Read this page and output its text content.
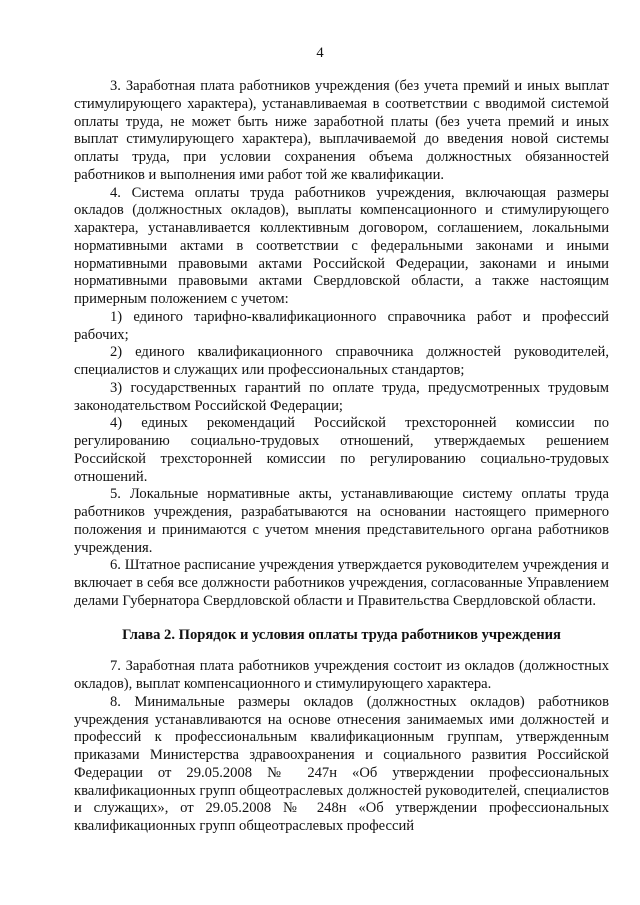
4

3. Заработная плата работников учреждения (без учета премий и иных выплат стимулирующего характера), устанавливаемая в соответствии с вводимой системой оплаты труда, не может быть ниже заработной платы (без учета премий и иных выплат стимулирующего характера), выплачиваемой до введения новой системы оплаты труда, при условии сохранения объема должностных обязанностей работников и выполнения ими работ той же квалификации.

4. Система оплаты труда работников учреждения, включающая размеры окладов (должностных окладов), выплаты компенсационного и стимулирующего характера, устанавливается коллективным договором, соглашением, локальными нормативными актами в соответствии с федеральными законами и иными нормативными правовыми актами Российской Федерации, законами и иными нормативными правовыми актами Свердловской области, а также настоящим примерным положением с учетом:

1) единого тарифно-квалификационного справочника работ и профессий рабочих;

2) единого квалификационного справочника должностей руководителей, специалистов и служащих или профессиональных стандартов;

3) государственных гарантий по оплате труда, предусмотренных трудовым законодательством Российской Федерации;

4) единых рекомендаций Российской трехсторонней комиссии по регулированию социально-трудовых отношений, утверждаемых решением Российской трехсторонней комиссии по регулированию социально-трудовых отношений.

5. Локальные нормативные акты, устанавливающие систему оплаты труда работников учреждения, разрабатываются на основании настоящего примерного положения и принимаются с учетом мнения представительного органа работников учреждения.

6. Штатное расписание учреждения утверждается руководителем учреждения и включает в себя все должности работников учреждения, согласованные Управлением делами Губернатора Свердловской области и Правительства Свердловской области.

Глава 2. Порядок и условия оплаты труда работников учреждения

7. Заработная плата работников учреждения состоит из окладов (должностных окладов), выплат компенсационного и стимулирующего характера.

8. Минимальные размеры окладов (должностных окладов) работников учреждения устанавливаются на основе отнесения занимаемых ими должностей и профессий к профессиональным квалификационным группам, утвержденным приказами Министерства здравоохранения и социального развития Российской Федерации от 29.05.2008 № 247н «Об утверждении профессиональных квалификационных групп общеотраслевых должностей руководителей, специалистов и служащих», от 29.05.2008 № 248н «Об утверждении профессиональных квалификационных групп общеотраслевых профессий
